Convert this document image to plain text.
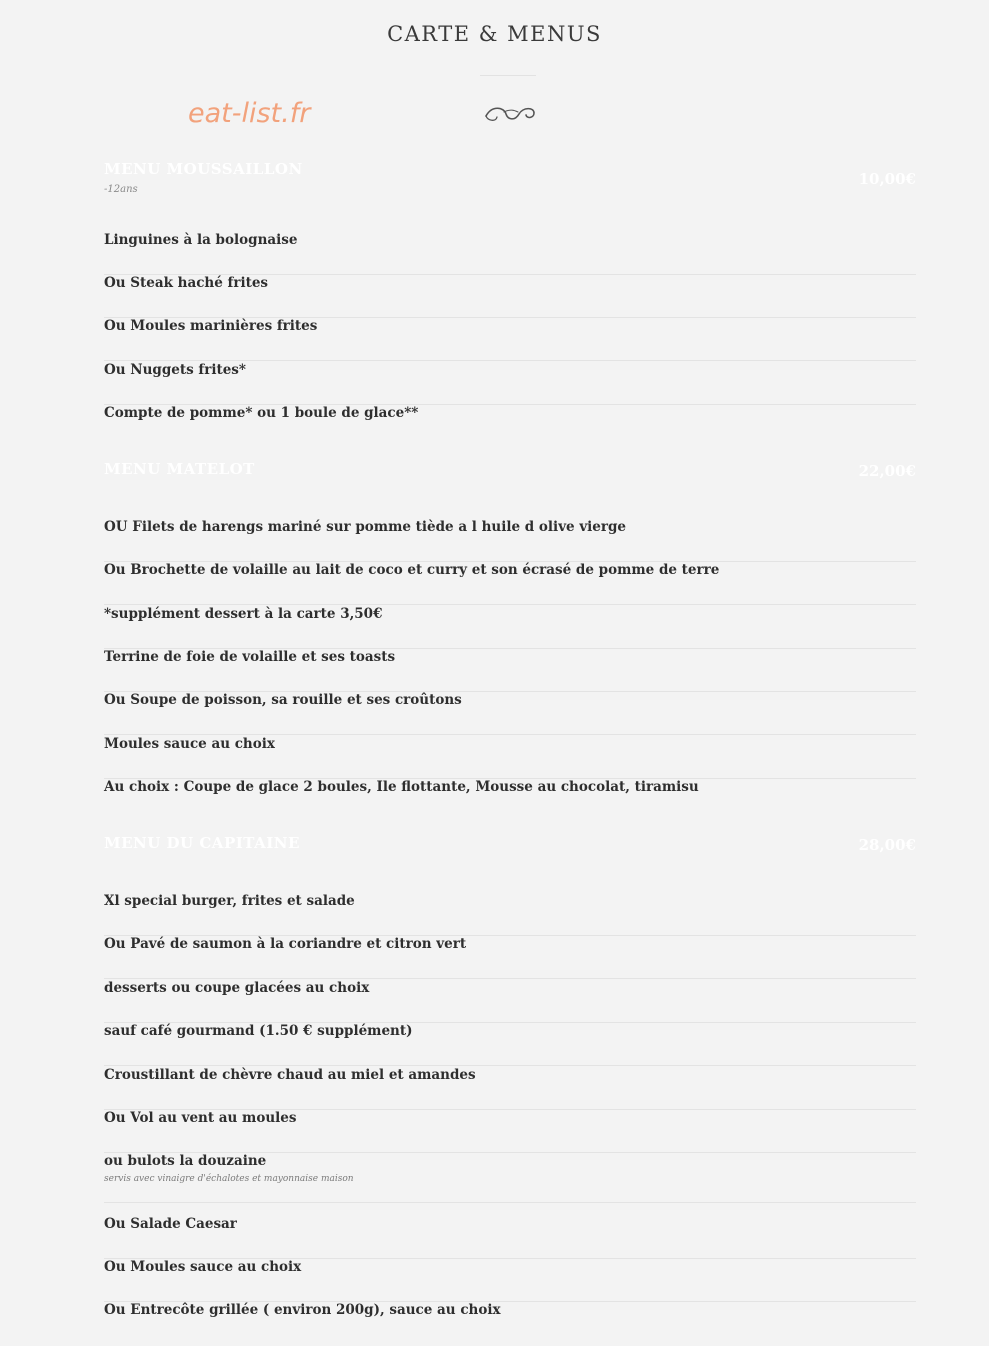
CARTE & MENUS
eat-list.fr
MENU MOUSSAILLON
-12ans
10,00€
Linguines à la bolognaise
Ou Steak haché frites
Ou Moules marinières frites
Ou Nuggets frites*
Compte de pomme* ou 1 boule de glace**
MENU MATELOT	22,00€
OU Filets de harengs mariné sur pomme tiède a l huile d olive vierge
Ou Brochette de volaille au lait de coco et curry et son écrasé de pomme de terre
*supplément dessert à la carte 3,50€
Terrine de foie de volaille et ses toasts
Ou Soupe de poisson, sa rouille et ses croûtons
Moules sauce au choix
Au choix : Coupe de glace 2 boules, Ile flottante, Mousse au chocolat, tiramisu
MENU DU CAPITAINE	28,00€
Xl special burger, frites et salade
Ou Pavé de saumon à la coriandre et citron vert
desserts ou coupe glacées au choix
sauf café gourmand (1.50 € supplément)
Croustillant de chèvre chaud au miel et amandes
Ou Vol au vent au moules
ou bulots la douzaine
servis avec vinaigre d'échalotes et mayonnaise maison
Ou Salade Caesar
Ou Moules sauce au choix
Ou Entrecôte grillée ( environ 200g), sauce au choix
